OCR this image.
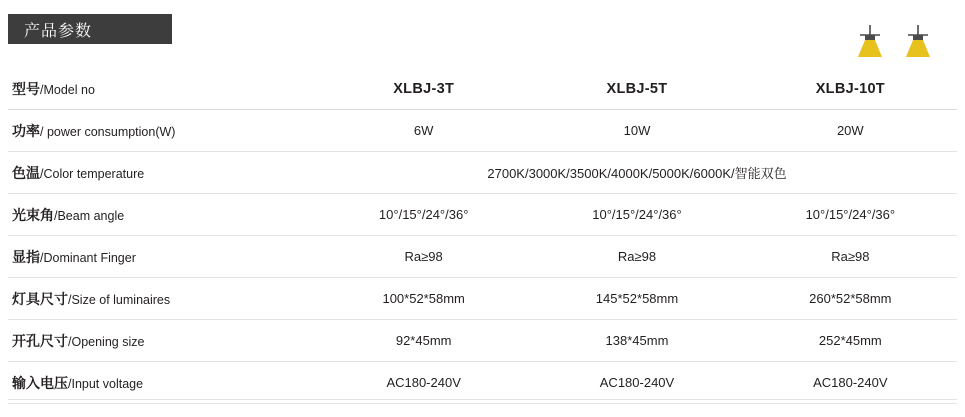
产品参数
型号/Model no	XLBJ-3T	XLBJ-5T	XLBJ-10T
功率/ power consumption(W)	6W	10W	20W
色温/Color temperature	2700K/3000K/3500K/4000K/5000K/6000K/智能双色		
光束角/Beam angle	10°/15°/24°/36°	10°/15°/24°/36°	10°/15°/24°/36°
显指/Dominant Finger	Ra≥98	Ra≥98	Ra≥98
灯具尺寸/Size of luminaires	100*52*58mm	145*52*58mm	260*52*58mm
开孔尺寸/Opening size	92*45mm	138*45mm	252*45mm
输入电压/Input voltage	AC180-240V	AC180-240V	AC180-240V
